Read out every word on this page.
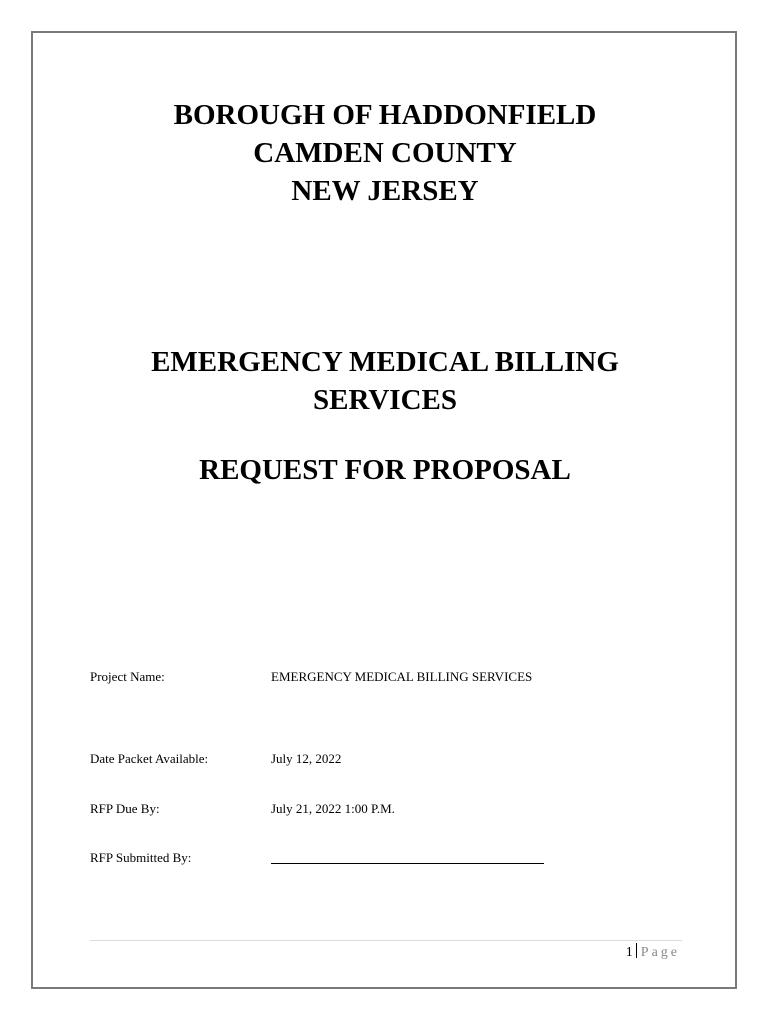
BOROUGH OF HADDONFIELD
CAMDEN COUNTY
NEW JERSEY
EMERGENCY MEDICAL BILLING
SERVICES
REQUEST FOR PROPOSAL
Project Name:	EMERGENCY MEDICAL BILLING SERVICES
Date Packet Available:	July 12, 2022
RFP Due By:	July 21, 2022 1:00 P.M.
RFP Submitted By:
1 Page
